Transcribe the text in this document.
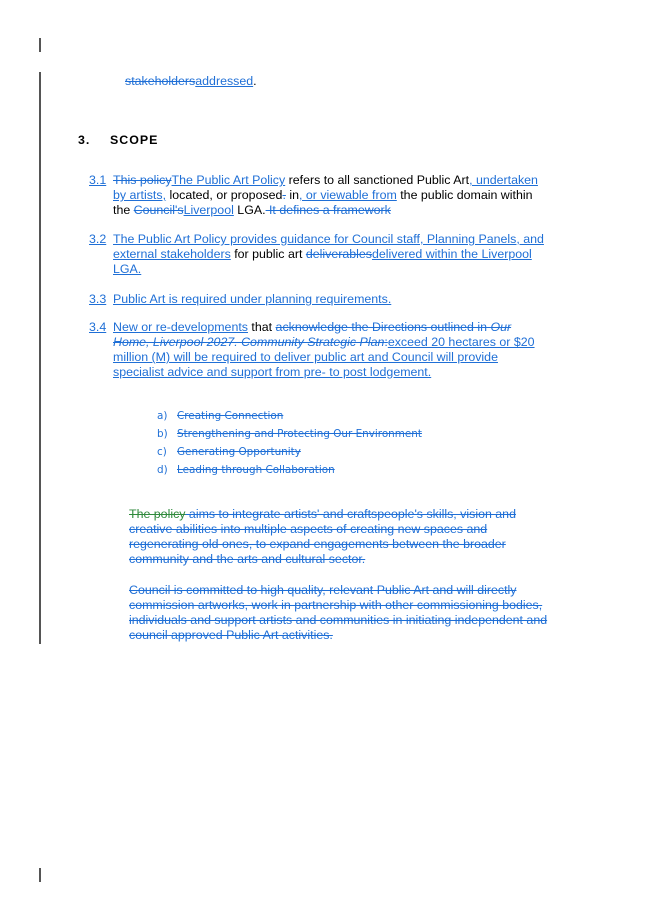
stakeholdersaddressed.
3. SCOPE
3.1 This policyThe Public Art Policy refers to all sanctioned Public Art, undertaken
by artists, located, or proposed. in, or viewable from the public domain within
the Council'sLiverpool LGA. It defines a framework
3.2 The Public Art Policy provides guidance for Council staff, Planning Panels, and
external stakeholders for public art deliverablesdelivered within the Liverpool
LGA.
3.3 Public Art is required under planning requirements.
3.4 New or re-developments that acknowledge the Directions outlined in Our
Home, Liverpool 2027. Community Strategic Plan:exceed 20 hectares or $20
million (M) will be required to deliver public art and Council will provide
specialist advice and support from pre- to post lodgement.
a) Creating Connection
b) Strengthening and Protecting Our Environment
c) Generating Opportunity
d) Leading through Collaboration
The policy aims to integrate artists' and craftspeople's skills, vision and
creative abilities into multiple aspects of creating new spaces and
regenerating old ones, to expand engagements between the broader
community and the arts and cultural sector.
Council is committed to high quality, relevant Public Art and will directly
commission artworks, work in partnership with other commissioning bodies,
individuals and support artists and communities in initiating independent and
council approved Public Art activities.
